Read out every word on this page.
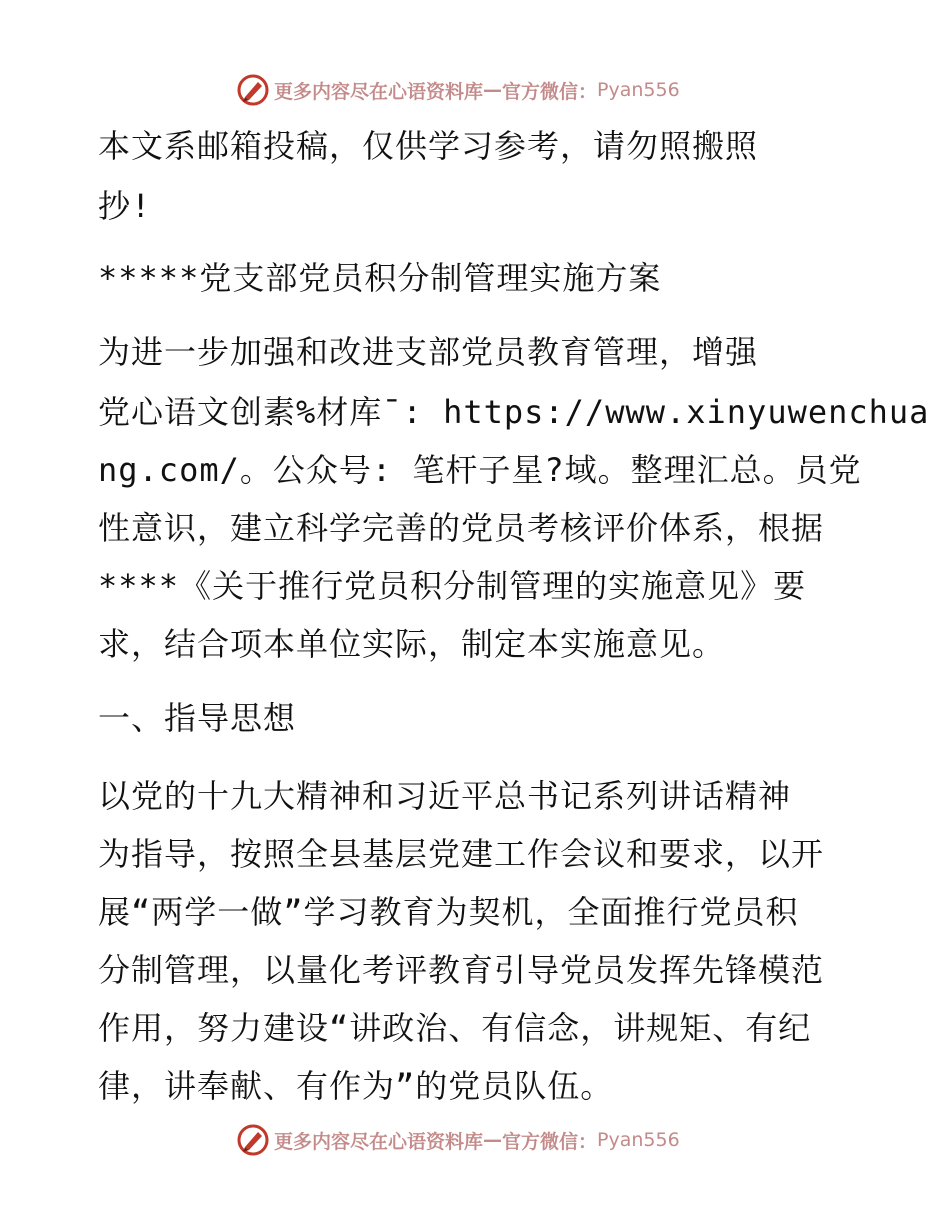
更多内容尽在心语资料库 — 官方微信： Pyan556
本文系邮箱投稿，仅供学习参考，请勿照搬照
抄!
*****党支部党员积分制管理实施方案
为进一步加强和改进支部党员教育管理，增强
党心语文创素%材库¯: https://www.xinyuwenchua
ng.com/。公众号: 笔杆子星?域。整理汇总。员党
性意识，建立科学完善的党员考核评价体系，根据
****《关于推行党员积分制管理的实施意见》要
求，结合项本单位实际，制定本实施意见。
一、指导思想
以党的十九大精神和习近平总书记系列讲话精神
为指导，按照全县基层党建工作会议和要求，以开
展“两学一做”学习教育为契机，全面推行党员积
分制管理，以量化考评教育引导党员发挥先锋模范
作用，努力建设“讲政治、有信念，讲规矩、有纪
律，讲奉献、有作为”的党员队伍。
更多内容尽在心语资料库 — 官方微信： Pyan556
